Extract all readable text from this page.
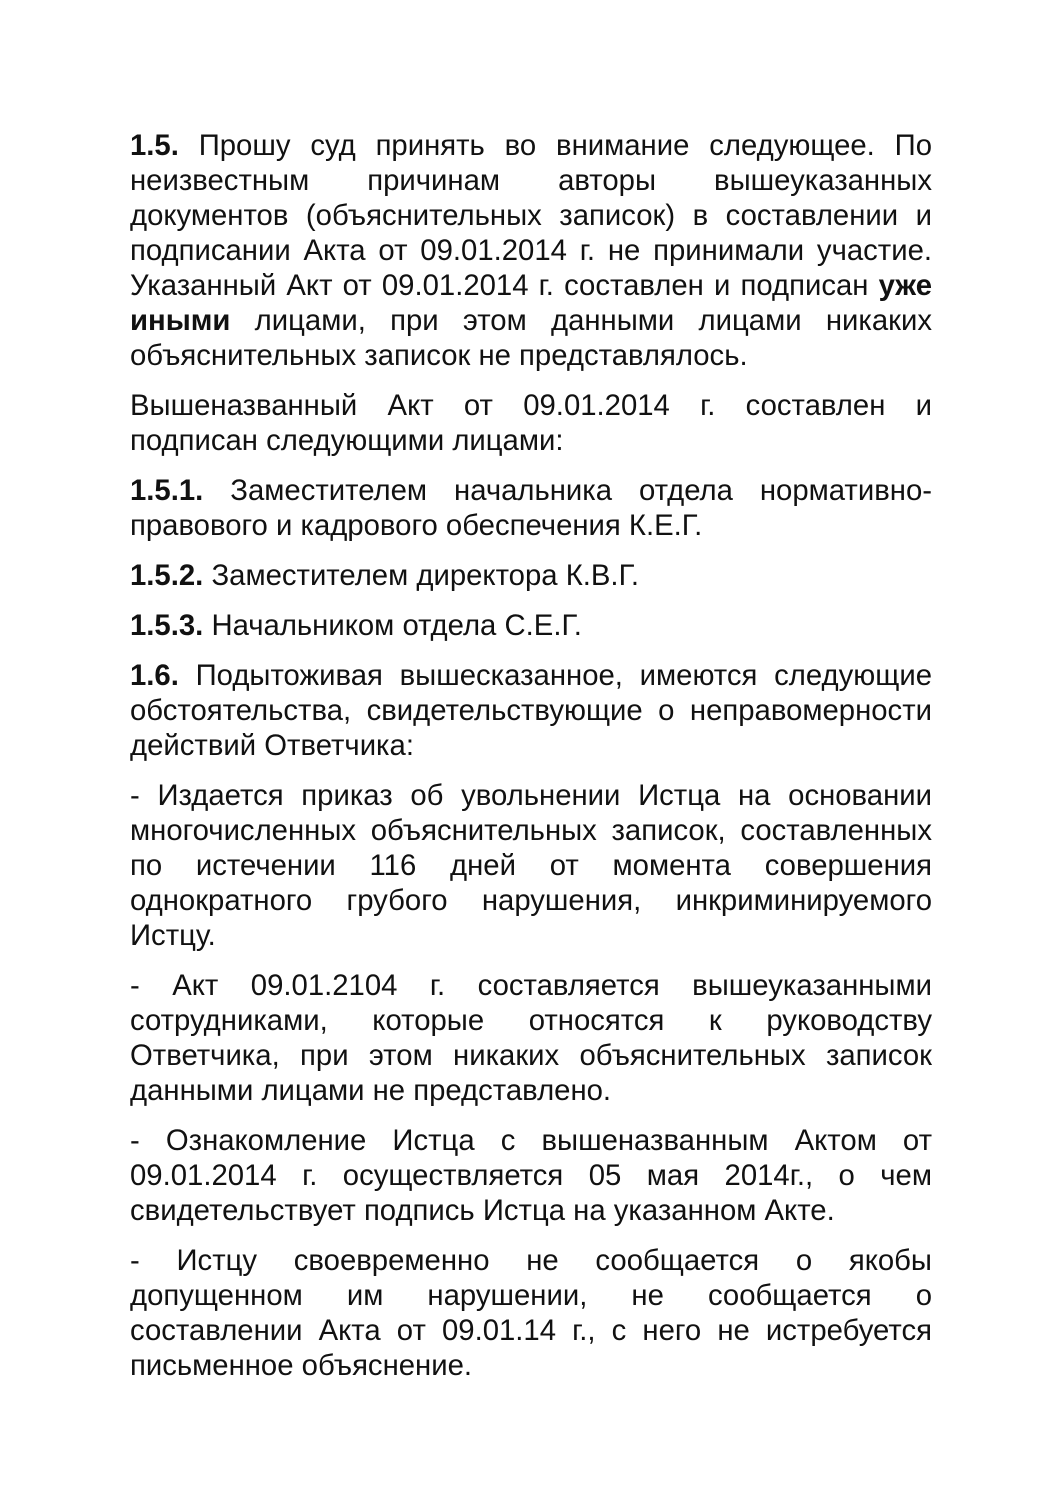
1.5. Прошу суд принять во внимание следующее. По неизвестным причинам авторы вышеуказанных документов (объяснительных записок) в составлении и подписании Акта от 09.01.2014 г. не принимали участие. Указанный Акт от 09.01.2014 г. составлен и подписан уже иными лицами, при этом данными лицами никаких объяснительных записок не представлялось.

Вышеназванный Акт от 09.01.2014 г. составлен и подписан следующими лицами:

1.5.1. Заместителем начальника отдела нормативно-правового и кадрового обеспечения К.Е.Г.

1.5.2. Заместителем директора К.В.Г.

1.5.3. Начальником отдела С.Е.Г.

1.6. Подытоживая вышесказанное, имеются следующие обстоятельства, свидетельствующие о неправомерности действий Ответчика:

- Издается приказ об увольнении Истца на основании многочисленных объяснительных записок, составленных по истечении 116 дней от момента совершения однократного грубого нарушения, инкриминируемого Истцу.

- Акт 09.01.2104 г. составляется вышеуказанными сотрудниками, которые относятся к руководству Ответчика, при этом никаких объяснительных записок данными лицами не представлено.

- Ознакомление Истца с вышеназванным Актом от 09.01.2014 г. осуществляется 05 мая 2014г., о чем свидетельствует подпись Истца на указанном Акте.

- Истцу своевременно не сообщается о якобы допущенном им нарушении, не сообщается о составлении Акта от 09.01.14 г., с него не истребуется письменное объяснение.
